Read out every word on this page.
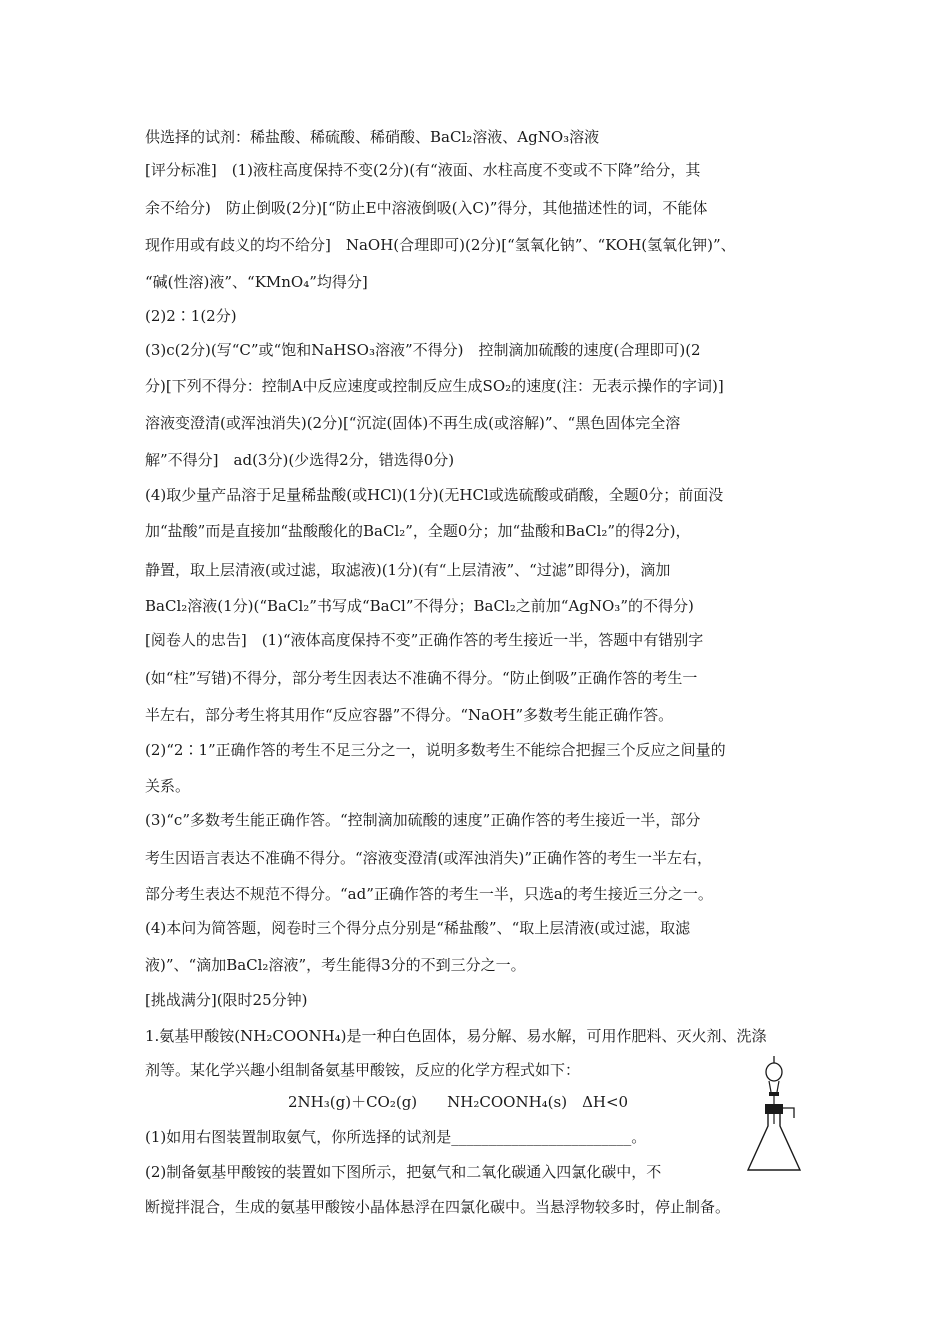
供选择的试剂：稀盐酸、稀硫酸、稀硝酸、BaCl₂溶液、AgNO₃溶液
[评分标准]　(1)液柱高度保持不变(2分)(有“液面、水柱高度不变或不下降”给分，其
余不给分)　防止倒吸(2分)[“防止E中溶液倒吸(入C)”得分，其他描述性的词，不能体
现作用或有歧义的均不给分]　NaOH(合理即可)(2分)[“氢氧化钠”、“KOH(氢氧化钾)”、
“碱(性溶)液”、“KMnO₄”均得分]
(2)2∶1(2分)
(3)c(2分)(写“C”或“饱和NaHSO₃溶液”不得分)　控制滴加硫酸的速度(合理即可)(2
分)[下列不得分：控制A中反应速度或控制反应生成SO₂的速度(注：无表示操作的字词)]
溶液变澄清(或浑浊消失)(2分)[“沉淀(固体)不再生成(或溶解)”、“黑色固体完全溶
解”不得分]　ad(3分)(少选得2分，错选得0分)
(4)取少量产品溶于足量稀盐酸(或HCl)(1分)(无HCl或选硫酸或硝酸，全题0分；前面没
加“盐酸”而是直接加“盐酸酸化的BaCl₂”，全题0分；加“盐酸和BaCl₂”的得2分)，
静置，取上层清液(或过滤，取滤液)(1分)(有“上层清液”、“过滤”即得分)，滴加
BaCl₂溶液(1分)(“BaCl₂”书写成“BaCl”不得分；BaCl₂之前加“AgNO₃”的不得分)
[阅卷人的忠告]　(1)“液体高度保持不变”正确作答的考生接近一半，答题中有错别字
(如“柱”写错)不得分，部分考生因表达不准确不得分。“防止倒吸”正确作答的考生一
半左右，部分考生将其用作“反应容器”不得分。“NaOH”多数考生能正确作答。
(2)“2∶1”正确作答的考生不足三分之一，说明多数考生不能综合把握三个反应之间量的
关系。
(3)“c”多数考生能正确作答。“控制滴加硫酸的速度”正确作答的考生接近一半，部分
考生因语言表达不准确不得分。“溶液变澄清(或浑浊消失)”正确作答的考生一半左右，
部分考生表达不规范不得分。“ad”正确作答的考生一半，只选a的考生接近三分之一。
(4)本问为简答题，阅卷时三个得分点分别是“稀盐酸”、“取上层清液(或过滤，取滤
液)”、“滴加BaCl₂溶液”，考生能得3分的不到三分之一。
[挑战满分](限时25分钟)
1.氨基甲酸铵(NH₂COONH₄)是一种白色固体，易分解、易水解，可用作肥料、灭火剂、洗涤
剂等。某化学兴趣小组制备氨基甲酸铵，反应的化学方程式如下：
2NH₃(g)＋CO₂(g)　　NH₂COONH₄(s)　ΔH<0
(1)如用右图装置制取氨气，你所选择的试剂是________________________。
(2)制备氨基甲酸铵的装置如下图所示，把氨气和二氧化碳通入四氯化碳中，不
断搅拌混合，生成的氨基甲酸铵小晶体悬浮在四氯化碳中。当悬浮物较多时，停止制备。
